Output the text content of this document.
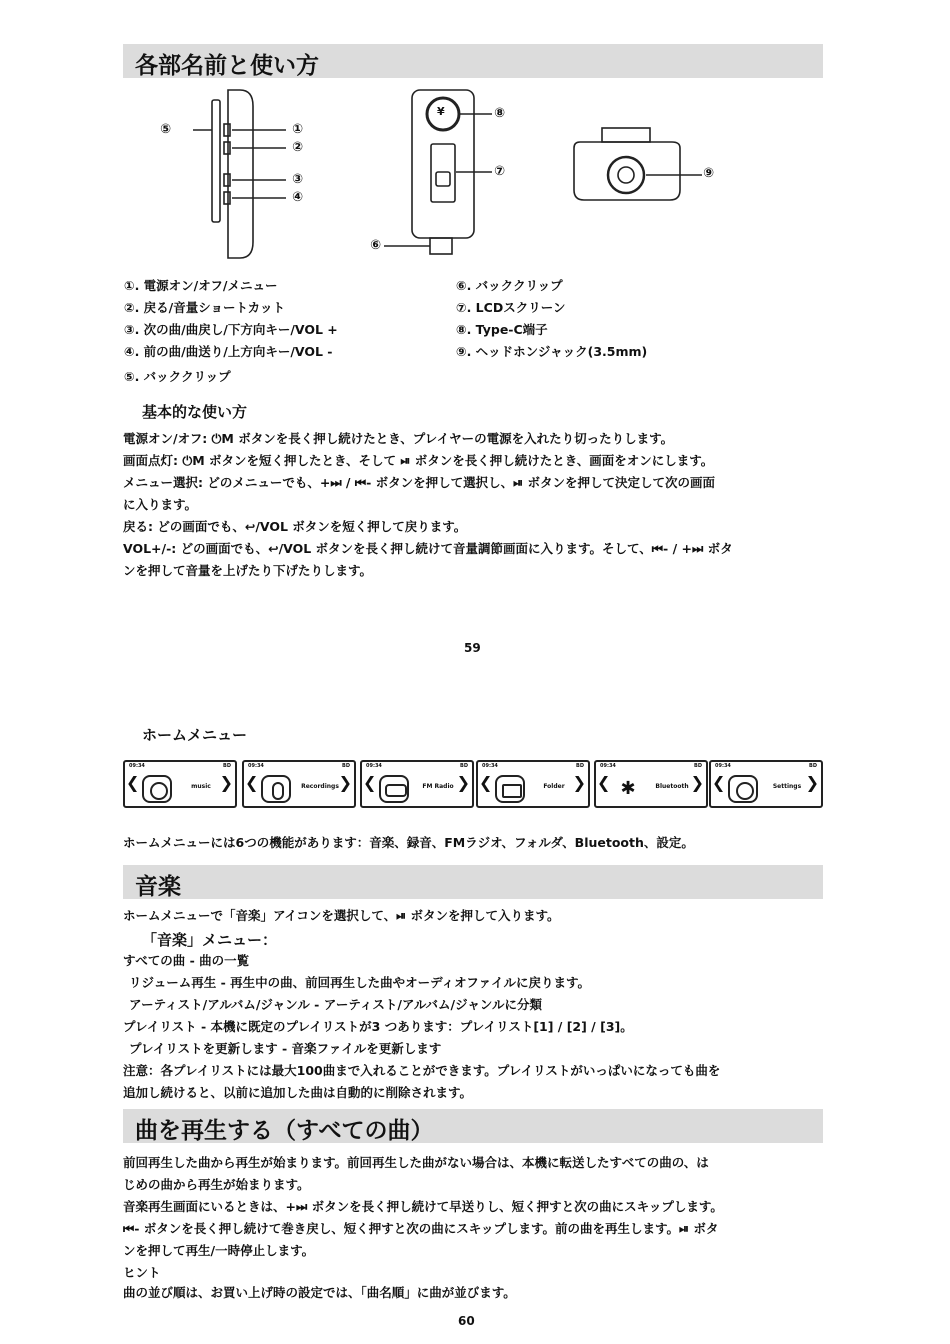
各部名前と使い方
⑤	①
②
③
④
⑧
⑦
⑥
⑨
¥
①. 電源オン/オフ/メニュー
②. 戻る/音量ショートカット
③. 次の曲/曲戻し/下方向キー/VOL +
④. 前の曲/曲送り/上方向キー/VOL -
⑤. バッククリップ
⑥. バッククリップ
⑦. LCDスクリーン
⑧. Type-C端子
⑨. ヘッドホンジャック(3.5mm)
基本的な使い方
電源オン/オフ: ⏻M ボタンを長く押し続けたとき、プレイヤーの電源を入れたり切ったりします。
画面点灯: ⏻M ボタンを短く押したとき、そして ⏯ ボタンを長く押し続けたとき、画面をオンにします。
メニュー選択: どのメニューでも、+⏭ / ⏮- ボタンを押して選択し、⏯ ボタンを押して決定して次の画面
に入ります。
戻る: どの画面でも、↩/VOL ボタンを短く押して戻ります。
VOL+/-: どの画面でも、↩/VOL ボタンを長く押し続けて音量調節画面に入ります。そして、⏮- / +⏭ ボタ
ンを押して音量を上げたり下げたりします。
59
ホームメニュー
09:34	BD
❮	music ❯
09:34	BD
❮	Recordings ❯
09:34	BD
❮	FM Radio ❯
09:34	BD
❮	Folder ❯
09:34	BD
❮ ✱	Bluetooth ❯
09:34	BD
❮	Settings ❯
ホームメニューには6つの機能があります：音楽、録音、FMラジオ、フォルダ、Bluetooth、設定。
音楽
ホームメニューで「音楽」アイコンを選択して、⏯ ボタンを押して入ります。
「音楽」メニュー：
すべての曲 - 曲の一覧
リジューム再生 - 再生中の曲、前回再生した曲やオーディオファイルに戻ります。
アーティスト/アルバム/ジャンル - アーティスト/アルバム/ジャンルに分類
プレイリスト - 本機に既定のプレイリストが3 つあります：プレイリスト[1] / [2] / [3]。
プレイリストを更新します - 音楽ファイルを更新します
注意：各プレイリストには最大100曲まで入れることができます。プレイリストがいっぱいになっても曲を
追加し続けると、以前に追加した曲は自動的に削除されます。
曲を再生する（すべての曲）
前回再生した曲から再生が始まります。前回再生した曲がない場合は、本機に転送したすべての曲の、は
じめの曲から再生が始まります。
音楽再生画面にいるときは、+⏭ ボタンを長く押し続けて早送りし、短く押すと次の曲にスキップします。
⏮- ボタンを長く押し続けて巻き戻し、短く押すと次の曲にスキップします。前の曲を再生します。⏯ ボタ
ンを押して再生/一時停止します。
ヒント
曲の並び順は、お買い上げ時の設定では、「曲名順」に曲が並びます。
60
